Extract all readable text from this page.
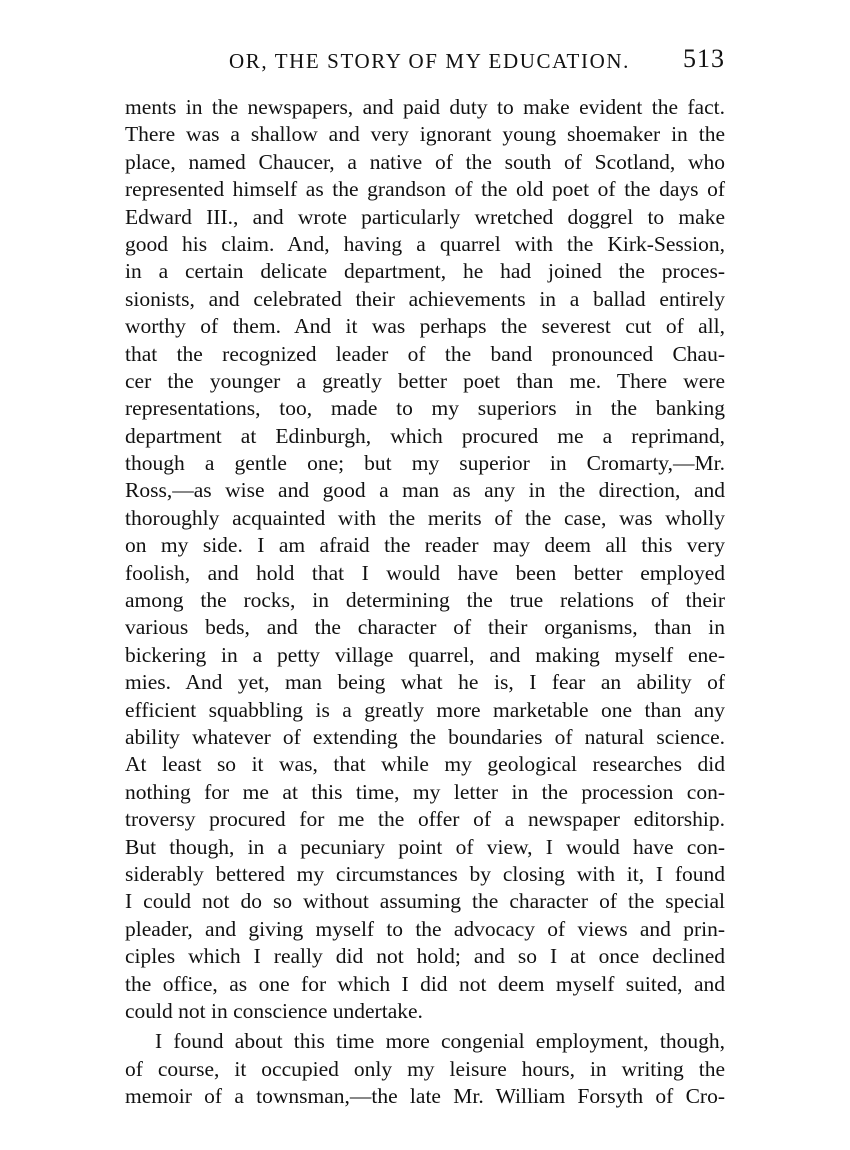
OR, THE STORY OF MY EDUCATION. 513
ments in the newspapers, and paid duty to make evident the fact.
There was a shallow and very ignorant young shoemaker in the
place, named Chaucer, a native of the south of Scotland, who
represented himself as the grandson of the old poet of the days of
Edward III., and wrote particularly wretched doggrel to make
good his claim. And, having a quarrel with the Kirk-Session,
in a certain delicate department, he had joined the proces-
sionists, and celebrated their achievements in a ballad entirely
worthy of them. And it was perhaps the severest cut of all,
that the recognized leader of the band pronounced Chau-
cer the younger a greatly better poet than me. There were
representations, too, made to my superiors in the banking
department at Edinburgh, which procured me a reprimand,
though a gentle one; but my superior in Cromarty,—Mr.
Ross,—as wise and good a man as any in the direction, and
thoroughly acquainted with the merits of the case, was wholly
on my side. I am afraid the reader may deem all this very
foolish, and hold that I would have been better employed
among the rocks, in determining the true relations of their
various beds, and the character of their organisms, than in
bickering in a petty village quarrel, and making myself ene-
mies. And yet, man being what he is, I fear an ability of
efficient squabbling is a greatly more marketable one than any
ability whatever of extending the boundaries of natural science.
At least so it was, that while my geological researches did
nothing for me at this time, my letter in the procession con-
troversy procured for me the offer of a newspaper editorship.
But though, in a pecuniary point of view, I would have con-
siderably bettered my circumstances by closing with it, I found
I could not do so without assuming the character of the special
pleader, and giving myself to the advocacy of views and prin-
ciples which I really did not hold; and so I at once declined
the office, as one for which I did not deem myself suited, and
could not in conscience undertake.
I found about this time more congenial employment, though,
of course, it occupied only my leisure hours, in writing the
memoir of a townsman,—the late Mr. William Forsyth of Cro-
